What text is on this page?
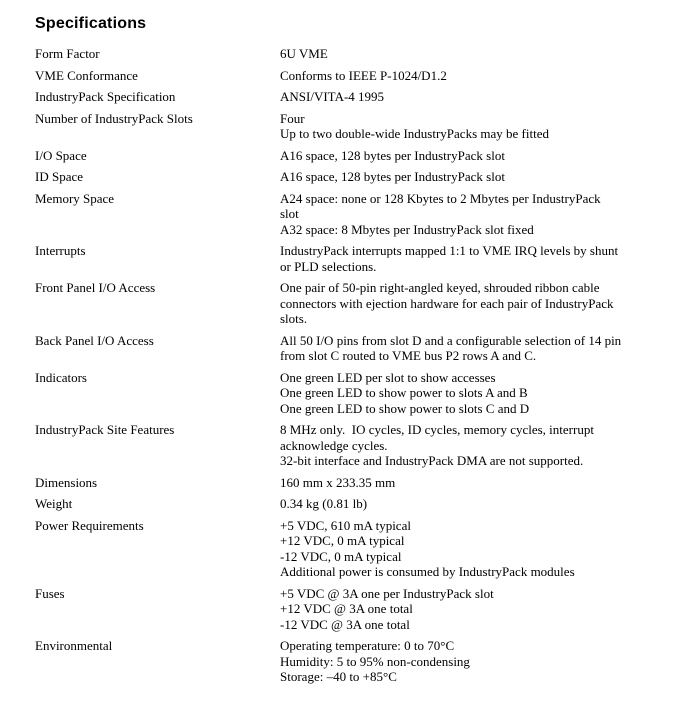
Specifications
Form Factor	6U VME
VME Conformance	Conforms to IEEE P-1024/D1.2
IndustryPack Specification	ANSI/VITA-4 1995
Number of IndustryPack Slots	Four
Up to two double-wide IndustryPacks may be fitted
I/O Space	A16 space, 128 bytes per IndustryPack slot
ID Space	A16 space, 128 bytes per IndustryPack slot
Memory Space	A24 space: none or 128 Kbytes to 2 Mbytes per IndustryPack
slot
A32 space: 8 Mbytes per IndustryPack slot fixed
Interrupts	IndustryPack interrupts mapped 1:1 to VME IRQ levels by shunt
or PLD selections.
Front Panel I/O Access	One pair of 50-pin right-angled keyed, shrouded ribbon cable
connectors with ejection hardware for each pair of IndustryPack
slots.
Back Panel I/O Access	All 50 I/O pins from slot D and a configurable selection of 14 pin
from slot C routed to VME bus P2 rows A and C.
Indicators	One green LED per slot to show accesses
One green LED to show power to slots A and B
One green LED to show power to slots C and D
IndustryPack Site Features	8 MHz only.  IO cycles, ID cycles, memory cycles, interrupt
acknowledge cycles.
32-bit interface and IndustryPack DMA are not supported.
Dimensions	160 mm x 233.35 mm
Weight	0.34 kg (0.81 lb)
Power Requirements	+5 VDC, 610 mA typical
+12 VDC, 0 mA typical
-12 VDC, 0 mA typical
Additional power is consumed by IndustryPack modules
Fuses	+5 VDC @ 3A one per IndustryPack slot
+12 VDC @ 3A one total
-12 VDC @ 3A one total
Environmental	Operating temperature: 0 to 70°C
Humidity: 5 to 95% non-condensing
Storage: –40 to +85°C
